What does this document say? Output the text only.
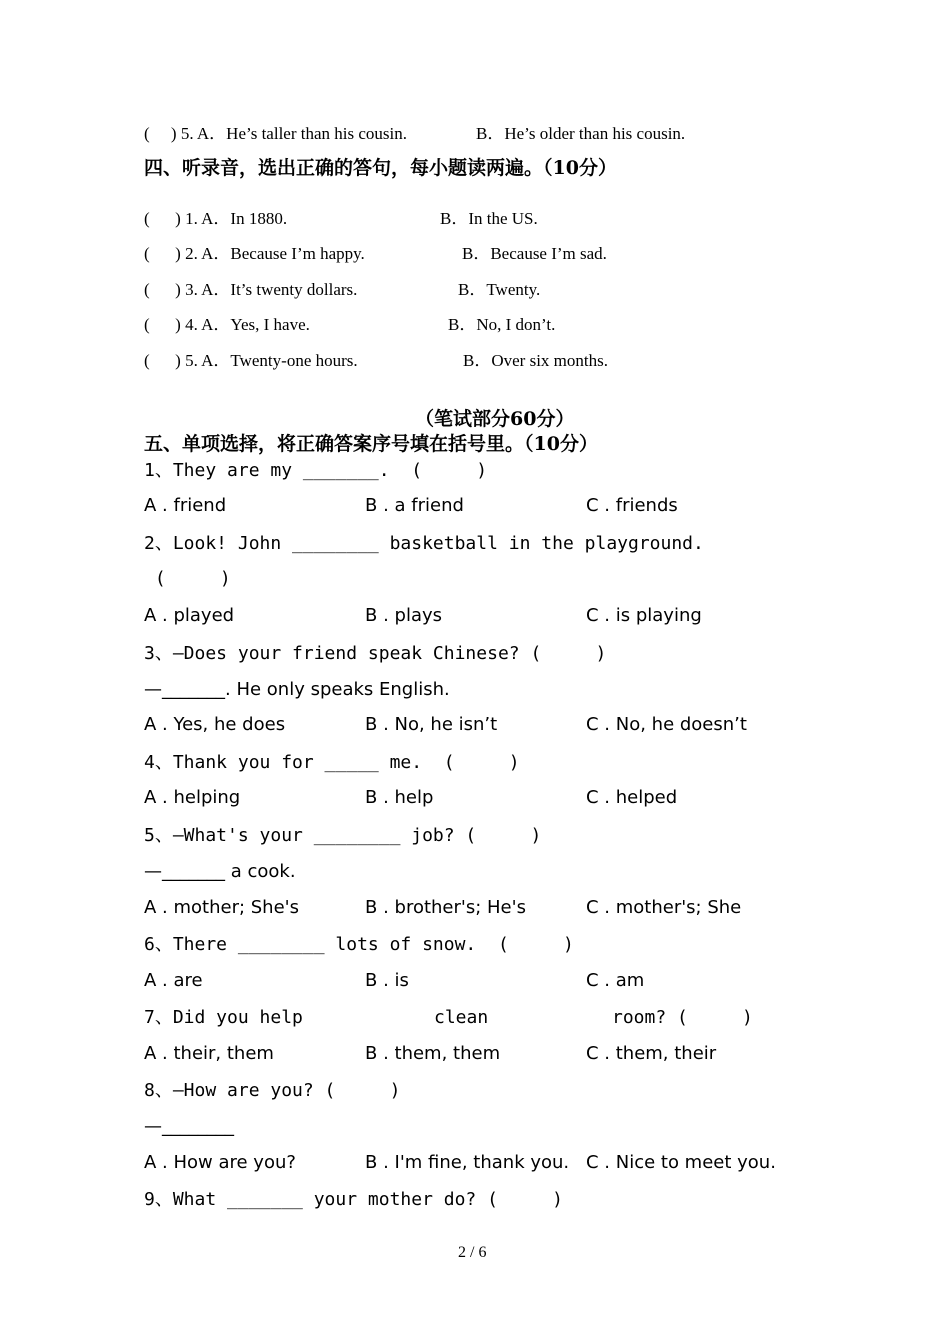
(     ) 5. A．He’s taller than his cousin.	B．He’s older than his cousin.
四、听录音，选出正确的答句，每小题读两遍。（10分）
(      ) 1. A．In 1880.	B．In the US.
(      ) 2. A．Because I’m happy.	B．Because I’m sad.
(      ) 3. A．It’s twenty dollars.	B．Twenty.
(      ) 4. A．Yes, I have.	B．No, I don’t.
(      ) 5. A．Twenty-one hours.	B．Over six months.
（笔试部分60分）
五、单项选择，将正确答案序号填在括号里。（10分）
1、They are my _______.  (     )
A . friend	B . a friend	C . friends
2、Look! John ________ basketball in the playground.
(     )
A . played	B . plays	C . is playing
3、—Does your friend speak Chinese? (     )
—_______. He only speaks English.
A . Yes, he does	B . No, he isn’t	C . No, he doesn’t
4、Thank you for _____ me.  (     )
A . helping	B . help	C . helped
5、—What's your ________ job? (     )
—_______ a cook.
A . mother; She's	B . brother's; He's	C . mother's; She
6、There ________ lots of snow.  (     )
A . are	B . is	C . am
7、Did you help	clean	room? (     )
A . their, them	B . them, them	C . them, their
8、—How are you? (     )
—________
A . How are you?	B . I'm fine, thank you. C . Nice to meet you.
9、What _______ your mother do? (     )
2 / 6
